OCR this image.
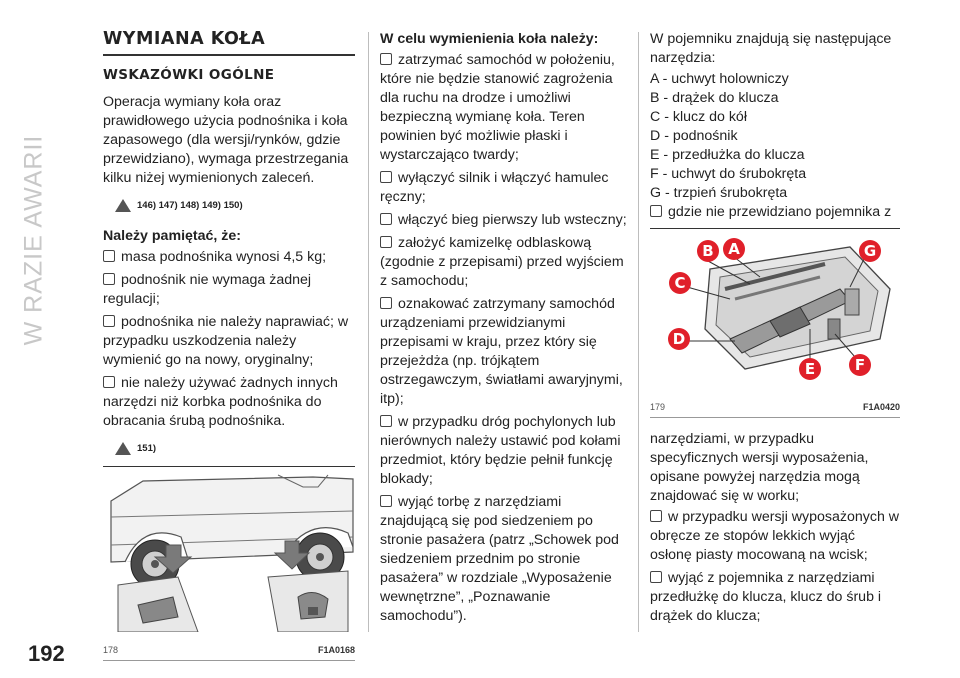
W RAZIE AWARII
192
WYMIANA KOŁA
WSKAZÓWKI OGÓLNE

Operacja wymiany koła oraz prawidłowego użycia podnośnika i koła zapasowego (dla wersji/rynków, gdzie przewidziano), wymaga przestrzegania kilku niżej wymienionych zaleceń.

146) 147) 148) 149) 150)
Należy pamiętać, że:
masa podnośnika wynosi 4,5 kg;
podnośnik nie wymaga żadnej regulacji;
podnośnika nie należy naprawiać; w przypadku uszkodzenia należy wymienić go na nowy, oryginalny;
nie należy używać żadnych innych narzędzi niż korbka podnośnika do obracania śrubą podnośnika.
151)
178	F1A0168
W celu wymienienia koła należy:
zatrzymać samochód w położeniu, które nie będzie stanowić zagrożenia dla ruchu na drodze i umożliwi bezpieczną wymianę koła. Teren powinien być możliwie płaski i wystarczająco twardy;
wyłączyć silnik i włączyć hamulec ręczny;
włączyć bieg pierwszy lub wsteczny;
założyć kamizelkę odblaskową (zgodnie z przepisami) przed wyjściem z samochodu;
oznakować zatrzymany samochód urządzeniami przewidzianymi przepisami w kraju, przez który się przejeżdża (np. trójkątem ostrzegawczym, światłami awaryjnymi, itp);
w przypadku dróg pochylonych lub nierównych należy ustawić pod kołami przedmiot, który będzie pełnił funkcję blokady;
wyjąć torbę z narzędziami znajdującą się pod siedzeniem po stronie pasażera (patrz „Schowek pod siedzeniem przednim po stronie pasażera” w rozdziale „Wyposażenie wewnętrzne”, „Poznawanie samochodu”).

W pojemniku znajdują się następujące narzędzia:

A - uchwyt holowniczy
B - drążek do klucza
C - klucz do kół
D - podnośnik
E - przedłużka do klucza
F - uchwyt do śrubokręta
G - trzpień śrubokręta
gdzie nie przewidziano pojemnika z
A
B
C
D
E	F
G
179	F1A0420

narzędziami, w przypadku specyficznych wersji wyposażenia, opisane powyżej narzędzia mogą znajdować się w worku;

w przypadku wersji wyposażonych w obręcze ze stopów lekkich wyjąć osłonę piasty mocowaną na wcisk;
wyjąć z pojemnika z narzędziami przedłużkę do klucza, klucz do śrub i drążek do klucza;
